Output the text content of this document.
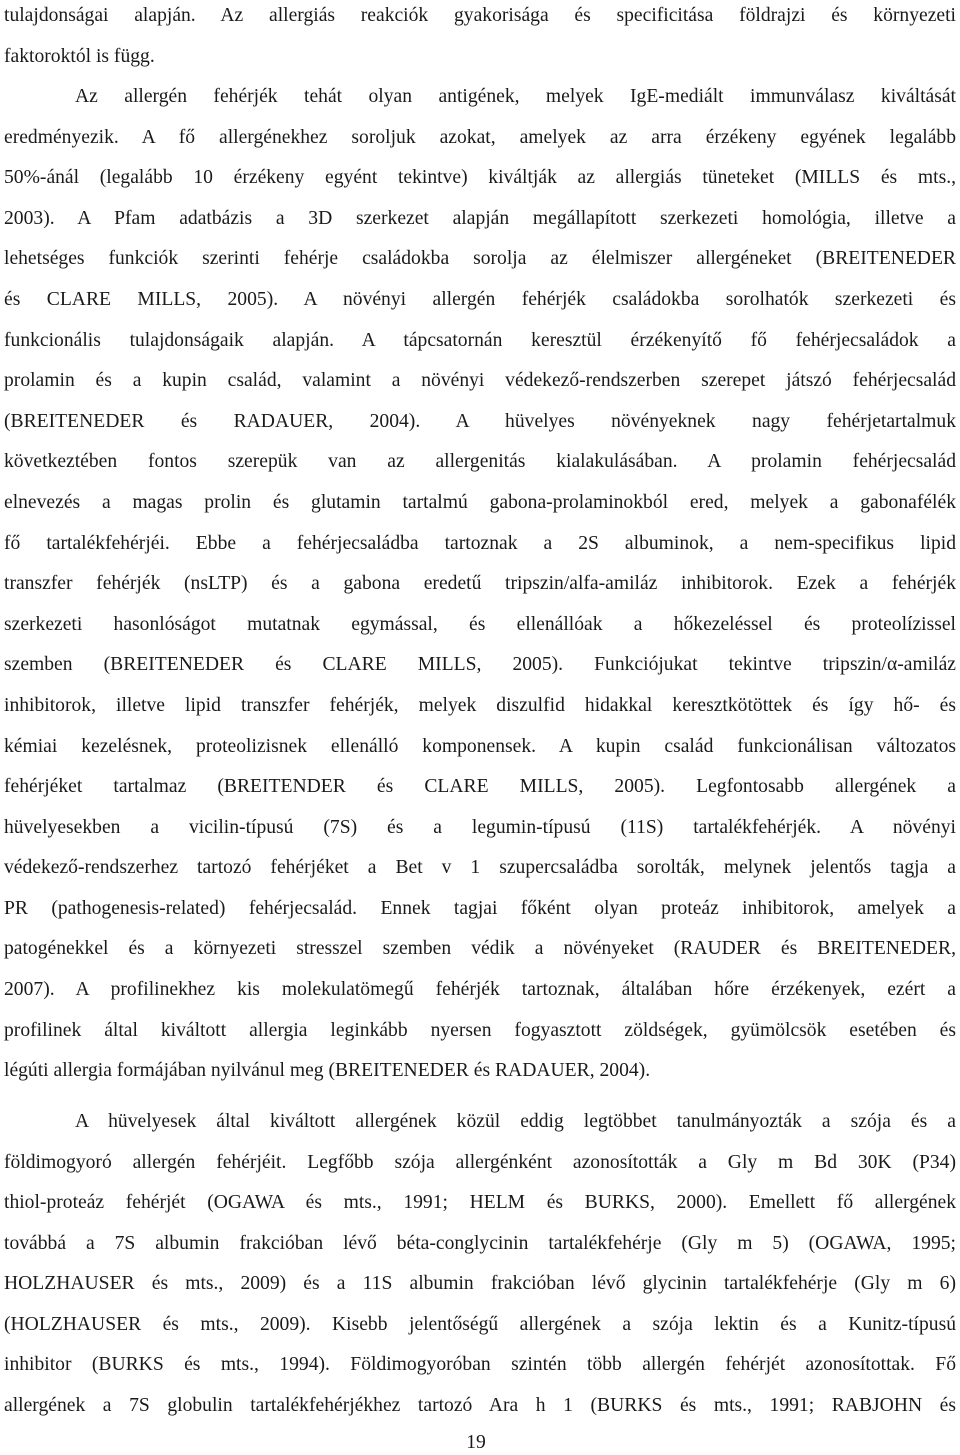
tulajdonságai alapján. Az allergiás reakciók gyakorisága és specificitása földrajzi és környezeti
faktoroktól is függ.
Az allergén fehérjék tehát olyan antigének, melyek IgE-mediált immunválasz kiváltását
eredményezik. A fő allergénekhez soroljuk azokat, amelyek az arra érzékeny egyének legalább
50%-ánál (legalább 10 érzékeny egyént tekintve) kiváltják az allergiás tüneteket (MILLS és mts.,
2003). A Pfam adatbázis a 3D szerkezet alapján megállapított szerkezeti homológia, illetve a
lehetséges funkciók szerinti fehérje családokba sorolja az élelmiszer allergéneket (BREITENEDER
és CLARE MILLS, 2005). A növényi allergén fehérjék családokba sorolhatók szerkezeti és
funkcionális tulajdonságaik alapján. A tápcsatornán keresztül érzékenyítő fő fehérjecsaládok a
prolamin és a kupin család, valamint a növényi védekező-rendszerben szerepet játszó fehérjecsalád
(BREITENEDER és RADAUER, 2004). A hüvelyes növényeknek nagy fehérjetartalmuk
következtében fontos szerepük van az allergenitás kialakulásában. A prolamin fehérjecsalád
elnevezés a magas prolin és glutamin tartalmú gabona-prolaminokból ered, melyek a gabonafélék
fő tartalékfehérjéi. Ebbe a fehérjecsaládba tartoznak a 2S albuminok, a nem-specifikus lipid
transzfer fehérjék (nsLTP) és a gabona eredetű tripszin/alfa-amiláz inhibitorok. Ezek a fehérjék
szerkezeti hasonlóságot mutatnak egymással, és ellenállóak a hőkezeléssel és proteolízissel
szemben (BREITENEDER és CLARE MILLS, 2005). Funkciójukat tekintve tripszin/α-amiláz
inhibitorok, illetve lipid transzfer fehérjék, melyek diszulfid hidakkal keresztkötöttek és így hő- és
kémiai kezelésnek, proteolizisnek ellenálló komponensek. A kupin család funkcionálisan változatos
fehérjéket tartalmaz (BREITENDER és CLARE MILLS, 2005). Legfontosabb allergének a
hüvelyesekben a vicilin-típusú (7S) és a legumin-típusú (11S) tartalékfehérjék. A növényi
védekező-rendszerhez tartozó fehérjéket a Bet v 1 szupercsaládba sorolták, melynek jelentős tagja a
PR (pathogenesis-related) fehérjecsalád. Ennek tagjai főként olyan proteáz inhibitorok, amelyek a
patogénekkel és a környezeti stresszel szemben védik a növényeket (RAUDER és BREITENEDER,
2007). A profilinekhez kis molekulatömegű fehérjék tartoznak, általában hőre érzékenyek, ezért a
profilinek által kiváltott allergia leginkább nyersen fogyasztott zöldségek, gyümölcsök esetében és
légúti allergia formájában nyilvánul meg (BREITENEDER és RADAUER, 2004).
A hüvelyesek által kiváltott allergének közül eddig legtöbbet tanulmányozták a szója és a
földimogyoró allergén fehérjéit. Legfőbb szója allergénként azonosították a Gly m Bd 30K (P34)
thiol-proteáz fehérjét (OGAWA és mts., 1991; HELM és BURKS, 2000). Emellett fő allergének
továbbá a 7S albumin frakcióban lévő béta-conglycinin tartalékfehérje (Gly m 5) (OGAWA, 1995;
HOLZHAUSER és mts., 2009) és a 11S albumin frakcióban lévő glycinin tartalékfehérje (Gly m 6)
(HOLZHAUSER és mts., 2009). Kisebb jelentőségű allergének a szója lektin és a Kunitz-típusú
inhibitor (BURKS és mts., 1994). Földimogyoróban szintén több allergén fehérjét azonosítottak. Fő
allergének a 7S globulin tartalékfehérjékhez tartozó Ara h 1 (BURKS és mts., 1991; RABJOHN és
19
